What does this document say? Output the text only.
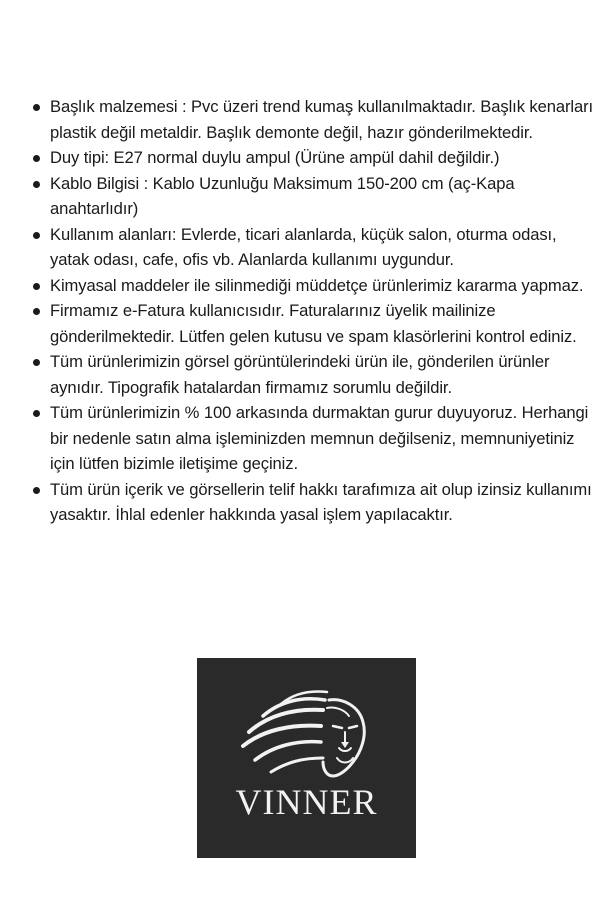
Başlık malzemesi : Pvc üzeri trend kumaş kullanılmaktadır. Başlık kenarları plastik değil metaldir. Başlık demonte değil, hazır gönderilmektedir.
Duy tipi: E27 normal duylu ampul (Ürüne ampül dahil değildir.)
Kablo Bilgisi : Kablo Uzunluğu Maksimum 150-200 cm (aç-Kapa anahtarlıdır)
Kullanım alanları: Evlerde, ticari alanlarda, küçük salon, oturma odası, yatak odası, cafe, ofis vb. Alanlarda kullanımı uygundur.
Kimyasal maddeler ile silinmediği müddetçe ürünlerimiz kararma yapmaz.
Firmamız e-Fatura kullanıcısıdır. Faturalarınız üyelik mailinize gönderilmektedir. Lütfen gelen kutusu ve spam klasörlerini kontrol ediniz.
Tüm ürünlerimizin görsel görüntülerindeki ürün ile, gönderilen ürünler aynıdır. Tipografik hatalardan firmamız sorumlu değildir.
Tüm ürünlerimizin % 100 arkasında durmaktan gurur duyuyoruz. Herhangi bir nedenle satın alma işleminizden memnun değilseniz, memnuniyetiniz için lütfen bizimle iletişime geçiniz.
Tüm ürün içerik ve görsellerin telif hakkı tarafımıza ait olup izinsiz kullanımı yasaktır. İhlal edenler hakkında yasal işlem yapılacaktır.
VINNER
